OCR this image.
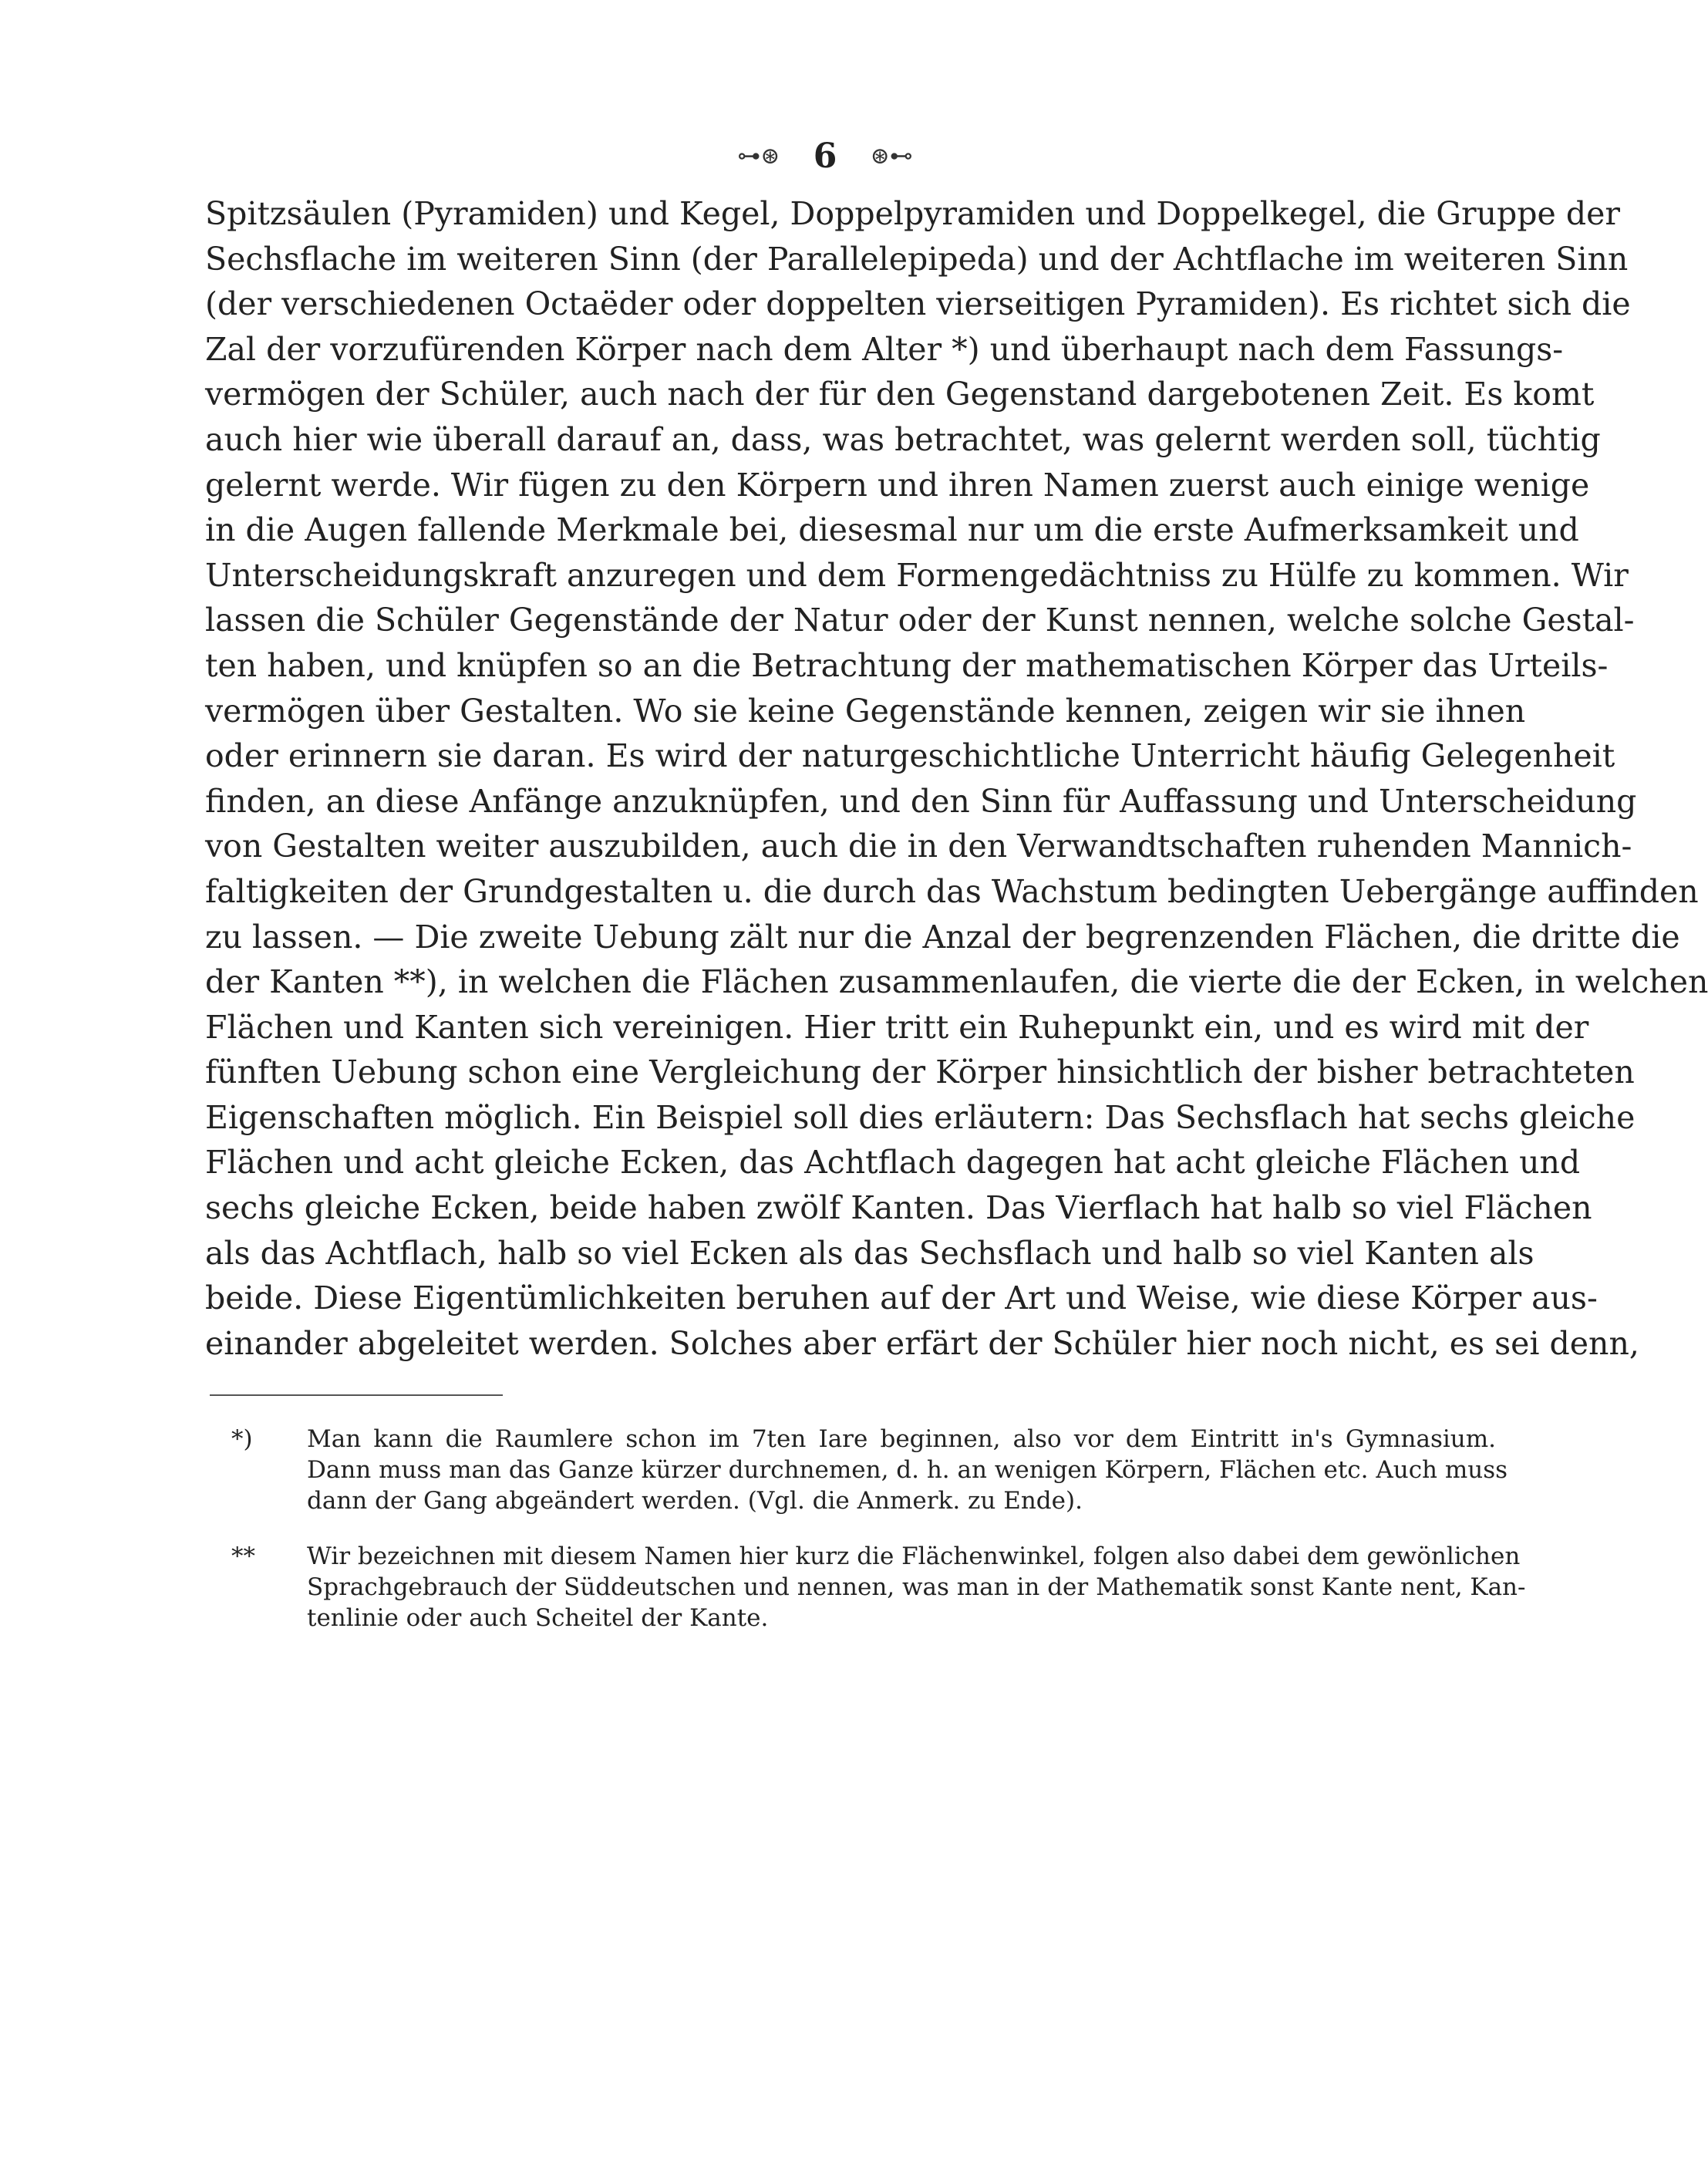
⊶⊛ 6 ⊛⊷
Spitzsäulen (Pyramiden) und Kegel, Doppelpyramiden und Doppelkegel, die Gruppe der
Sechsflache im weiteren Sinn (der Parallelepipeda) und der Achtflache im weiteren Sinn
(der verschiedenen Octaëder oder doppelten vierseitigen Pyramiden). Es richtet sich die
Zal der vorzufürenden Körper nach dem Alter *) und überhaupt nach dem Fassungs-
vermögen der Schüler, auch nach der für den Gegenstand dargebotenen Zeit. Es komt
auch hier wie überall darauf an, dass, was betrachtet, was gelernt werden soll, tüchtig
gelernt werde. Wir fügen zu den Körpern und ihren Namen zuerst auch einige wenige
in die Augen fallende Merkmale bei, diesesmal nur um die erste Aufmerksamkeit und
Unterscheidungskraft anzuregen und dem Formengedächtniss zu Hülfe zu kommen. Wir
lassen die Schüler Gegenstände der Natur oder der Kunst nennen, welche solche Gestal-
ten haben, und knüpfen so an die Betrachtung der mathematischen Körper das Urteils-
vermögen über Gestalten. Wo sie keine Gegenstände kennen, zeigen wir sie ihnen
oder erinnern sie daran. Es wird der naturgeschichtliche Unterricht häufig Gelegenheit
finden, an diese Anfänge anzuknüpfen, und den Sinn für Auffassung und Unterscheidung
von Gestalten weiter auszubilden, auch die in den Verwandtschaften ruhenden Mannich-
faltigkeiten der Grundgestalten u. die durch das Wachstum bedingten Uebergänge auffinden
zu lassen. — Die zweite Uebung zält nur die Anzal der begrenzenden Flächen, die dritte die
der Kanten **), in welchen die Flächen zusammenlaufen, die vierte die der Ecken, in welchen
Flächen und Kanten sich vereinigen. Hier tritt ein Ruhepunkt ein, und es wird mit der
fünften Uebung schon eine Vergleichung der Körper hinsichtlich der bisher betrachteten
Eigenschaften möglich. Ein Beispiel soll dies erläutern: Das Sechsflach hat sechs gleiche
Flächen und acht gleiche Ecken, das Achtflach dagegen hat acht gleiche Flächen und
sechs gleiche Ecken, beide haben zwölf Kanten. Das Vierflach hat halb so viel Flächen
als das Achtflach, halb so viel Ecken als das Sechsflach und halb so viel Kanten als
beide. Diese Eigentümlichkeiten beruhen auf der Art und Weise, wie diese Körper aus-
einander abgeleitet werden. Solches aber erfärt der Schüler hier noch nicht, es sei denn,
*) Man kann die Raumlere schon im 7ten Iare beginnen, also vor dem Eintritt in's Gymnasium.
Dann muss man das Ganze kürzer durchnemen, d. h. an wenigen Körpern, Flächen etc. Auch muss
dann der Gang abgeändert werden. (Vgl. die Anmerk. zu Ende).
** Wir bezeichnen mit diesem Namen hier kurz die Flächenwinkel, folgen also dabei dem gewönlichen
Sprachgebrauch der Süddeutschen und nennen, was man in der Mathematik sonst Kante nent, Kan-
tenlinie oder auch Scheitel der Kante.
